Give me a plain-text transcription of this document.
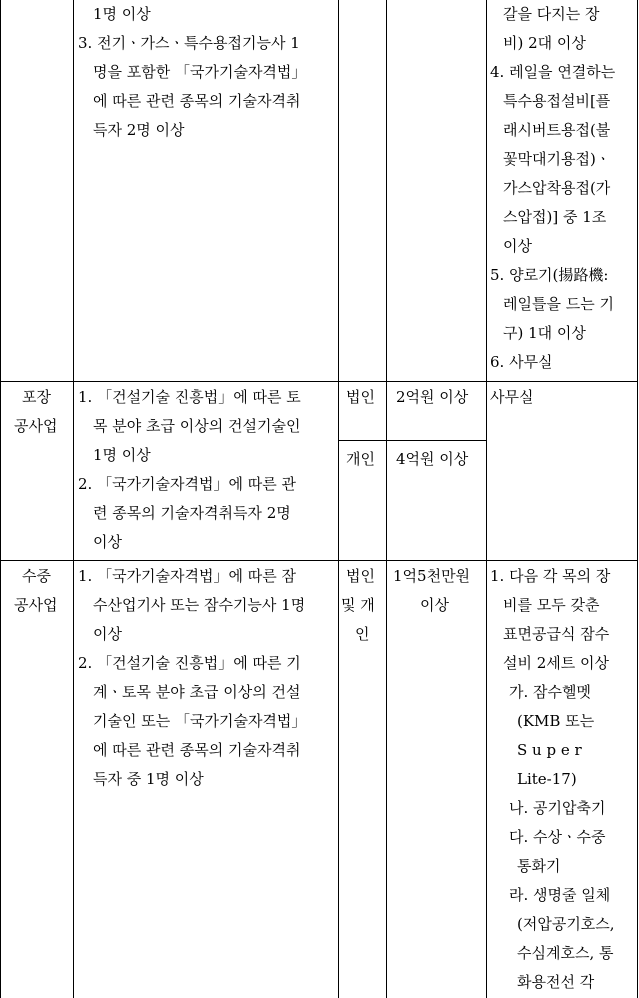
1명 이상
3. 전기ㆍ가스ㆍ특수용접기능사 1
명을 포함한 「국가기술자격법」
에 따른 관련 종목의 기술자격취
득자 2명 이상
갈을 다지는 장
비) 2대 이상
4. 레일을 연결하는
특수용접설비[플
래시버트용접(불
꽃막대기용접)ㆍ
가스압착용접(가
스압접)] 중 1조
이상
5. 양로기(揚路機:
레일틀을 드는 기
구) 1대 이상
6. 사무실
포장
공사업
1. 「건설기술 진흥법」에 따른 토
목 분야 초급 이상의 건설기술인
1명 이상
2. 「국가기술자격법」에 따른 관
련 종목의 기술자격취득자 2명
이상
법인 2억원 이상
개인 4억원 이상
사무실
수중
공사업
1. 「국가기술자격법」에 따른 잠
수산업기사 또는 잠수기능사 1명
이상
2. 「건설기술 진흥법」에 따른 기
계ㆍ토목 분야 초급 이상의 건설
기술인 또는 「국가기술자격법」
에 따른 관련 종목의 기술자격취
득자 중 1명 이상
법인
및 개
인
1억5천만원
이상
1. 다음 각 목의 장
비를 모두 갖춘
표면공급식 잠수
설비 2세트 이상
가. 잠수헬멧
(KMB 또는
S u p e r
Lite-17)
나. 공기압축기
다. 수상ㆍ수중
통화기
라. 생명줄 일체
(저압공기호스,
수심계호스, 통
화용전선 각
